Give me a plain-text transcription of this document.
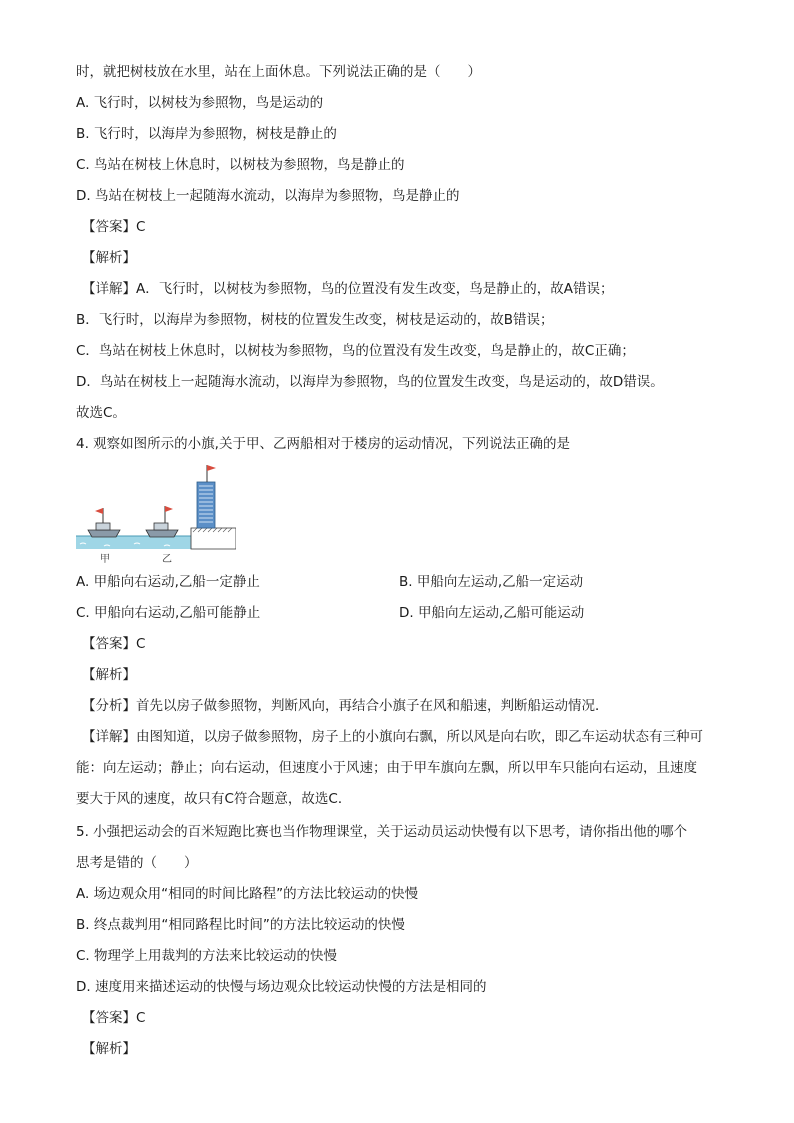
时，就把树枝放在水里，站在上面休息。下列说法正确的是（　　）
A. 飞行时，以树枝为参照物，鸟是运动的
B. 飞行时，以海岸为参照物，树枝是静止的
C. 鸟站在树枝上休息时，以树枝为参照物，鸟是静止的
D. 鸟站在树枝上一起随海水流动，以海岸为参照物，鸟是静止的
【答案】C
【解析】
【详解】A．飞行时，以树枝为参照物，鸟的位置没有发生改变，鸟是静止的，故A错误；
B．飞行时，以海岸为参照物，树枝的位置发生改变，树枝是运动的，故B错误；
C．鸟站在树枝上休息时，以树枝为参照物，鸟的位置没有发生改变，鸟是静止的，故C正确；
D．鸟站在树枝上一起随海水流动，以海岸为参照物，鸟的位置发生改变，鸟是运动的，故D错误。
故选C。
4. 观察如图所示的小旗,关于甲、乙两船相对于楼房的运动情况，下列说法正确的是
甲	乙
A. 甲船向右运动,乙船一定静止	B. 甲船向左运动,乙船一定运动
C. 甲船向右运动,乙船可能静止	D. 甲船向左运动,乙船可能运动
【答案】C
【解析】
【分析】首先以房子做参照物，判断风向，再结合小旗子在风和船速，判断船运动情况．
【详解】由图知道，以房子做参照物，房子上的小旗向右飘，所以风是向右吹，即乙车运动状态有三种可
能：向左运动；静止；向右运动，但速度小于风速；由于甲车旗向左飘，所以甲车只能向右运动，且速度
要大于风的速度，故只有C符合题意，故选C．
5. 小强把运动会的百米短跑比赛也当作物理课堂，关于运动员运动快慢有以下思考，请你指出他的哪个
思考是错的（　　）
A. 场边观众用“相同的时间比路程”的方法比较运动的快慢
B. 终点裁判用“相同路程比时间”的方法比较运动的快慢
C. 物理学上用裁判的方法来比较运动的快慢
D. 速度用来描述运动的快慢与场边观众比较运动快慢的方法是相同的
【答案】C
【解析】
